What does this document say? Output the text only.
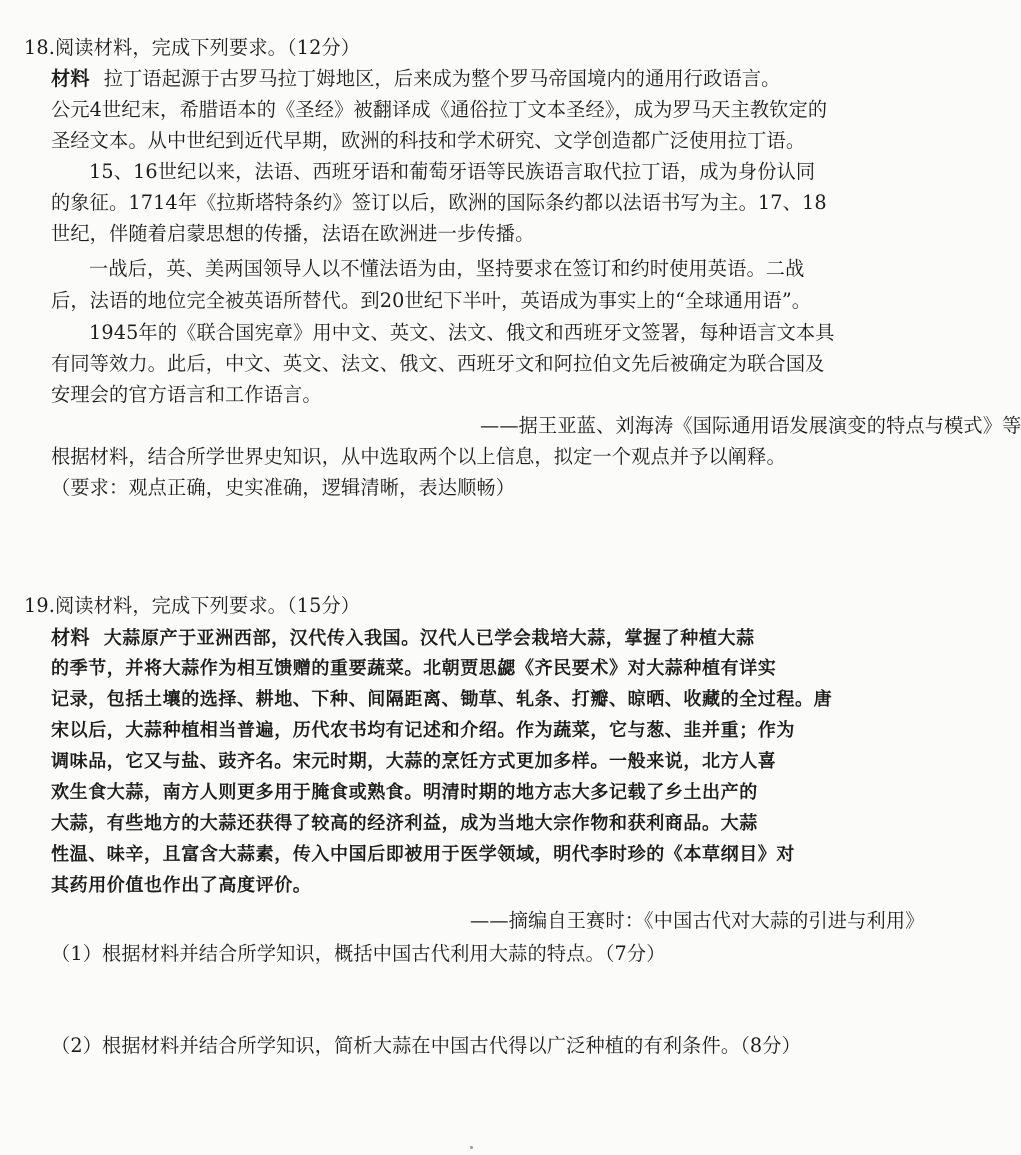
18.阅读材料，完成下列要求。（12分）
材料 拉丁语起源于古罗马拉丁姆地区，后来成为整个罗马帝国境内的通用行政语言。
公元4世纪末，希腊语本的《圣经》被翻译成《通俗拉丁文本圣经》，成为罗马天主教钦定的
圣经文本。从中世纪到近代早期，欧洲的科技和学术研究、文学创造都广泛使用拉丁语。
15、16世纪以来，法语、西班牙语和葡萄牙语等民族语言取代拉丁语，成为身份认同
的象征。1714年《拉斯塔特条约》签订以后，欧洲的国际条约都以法语书写为主。17、18
世纪，伴随着启蒙思想的传播，法语在欧洲进一步传播。
一战后，英、美两国领导人以不懂法语为由，坚持要求在签订和约时使用英语。二战
后，法语的地位完全被英语所替代。到20世纪下半叶，英语成为事实上的“全球通用语”。
1945年的《联合国宪章》用中文、英文、法文、俄文和西班牙文签署，每种语言文本具
有同等效力。此后，中文、英文、法文、俄文、西班牙文和阿拉伯文先后被确定为联合国及
安理会的官方语言和工作语言。
——据王亚蓝、刘海涛《国际通用语发展演变的特点与模式》等
根据材料，结合所学世界史知识，从中选取两个以上信息，拟定一个观点并予以阐释。
（要求：观点正确，史实准确，逻辑清晰，表达顺畅）
19.阅读材料，完成下列要求。（15分）
材料 大蒜原产于亚洲西部，汉代传入我国。汉代人已学会栽培大蒜，掌握了种植大蒜
的季节，并将大蒜作为相互馈赠的重要蔬菜。北朝贾思勰《齐民要术》对大蒜种植有详实
记录，包括土壤的选择、耕地、下种、间隔距离、锄草、轧条、打瓣、晾晒、收藏的全过程。唐
宋以后，大蒜种植相当普遍，历代农书均有记述和介绍。作为蔬菜，它与葱、韭并重；作为
调味品，它又与盐、豉齐名。宋元时期，大蒜的烹饪方式更加多样。一般来说，北方人喜
欢生食大蒜，南方人则更多用于腌食或熟食。明清时期的地方志大多记载了乡土出产的
大蒜，有些地方的大蒜还获得了较高的经济利益，成为当地大宗作物和获利商品。大蒜
性温、味辛，且富含大蒜素，传入中国后即被用于医学领域，明代李时珍的《本草纲目》对
其药用价值也作出了高度评价。
——摘编自王赛时：《中国古代对大蒜的引进与利用》
（1）根据材料并结合所学知识，概括中国古代利用大蒜的特点。（7分）
（2）根据材料并结合所学知识，简析大蒜在中国古代得以广泛种植的有利条件。（8分）
